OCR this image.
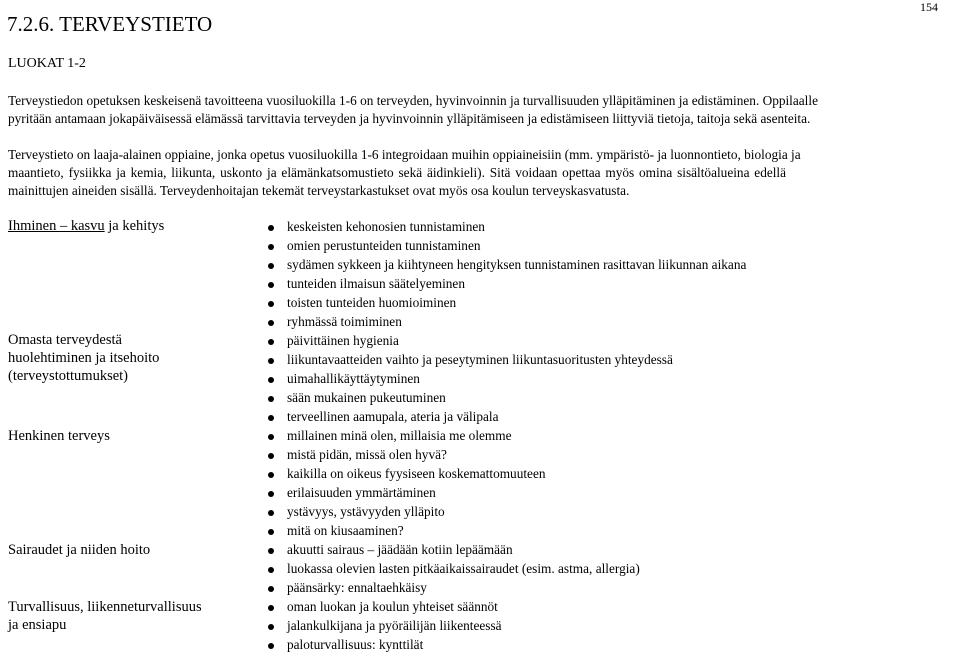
154
7.2.6. TERVEYSTIETO
LUOKAT 1-2
Terveystiedon opetuksen keskeisenä tavoitteena vuosiluokilla 1-6 on terveyden, hyvinvoinnin ja turvallisuuden ylläpitäminen ja edistäminen. Oppilaalle
pyritään antamaan jokapäiväisessä elämässä tarvittavia terveyden ja hyvinvoinnin ylläpitämiseen ja edistämiseen liittyviä tietoja, taitoja sekä asenteita.
Terveystieto on laaja-alainen oppiaine, jonka opetus vuosiluokilla 1-6 integroidaan muihin oppiaineisiin (mm. ympäristö- ja luonnontieto, biologia ja
maantieto, fysiikka ja kemia, liikunta, uskonto ja elämänkatsomustieto sekä äidinkieli). Sitä voidaan opettaa myös omina sisältöalueina edellä
mainittujen aineiden sisällä. Terveydenhoitajan tekemät terveystarkastukset ovat myös osa koulun terveyskasvatusta.
Ihminen – kasvu ja kehitys
Omasta terveydestä
huolehtiminen ja itsehoito
(terveystottumukset)
Henkinen terveys
Sairaudet ja niiden hoito
Turvallisuus, liikenneturvallisuus
ja ensiapu
keskeisten kehonosien tunnistaminen
omien perustunteiden tunnistaminen
sydämen sykkeen ja kiihtyneen hengityksen tunnistaminen rasittavan liikunnan aikana
tunteiden ilmaisun säätelyeminen
toisten tunteiden huomioiminen
ryhmässä toimiminen
päivittäinen hygienia
liikuntavaatteiden vaihto ja peseytyminen liikuntasuoritusten yhteydessä
uimahallikäyttäytyminen
sään mukainen pukeutuminen
terveellinen aamupala, ateria ja välipala
millainen minä olen, millaisia me olemme
mistä pidän, missä olen hyvä?
kaikilla on oikeus fyysiseen koskemattomuuteen
erilaisuuden ymmärtäminen
ystävyys, ystävyyden ylläpito
mitä on kiusaaminen?
akuutti sairaus – jäädään kotiin lepäämään
luokassa olevien lasten pitkäaikaissairaudet (esim. astma, allergia)
päänsärky: ennaltaehkäisy
oman luokan ja koulun yhteiset säännöt
jalankulkijana ja pyöräilijän liikenteessä
paloturvallisuus: kynttilät
